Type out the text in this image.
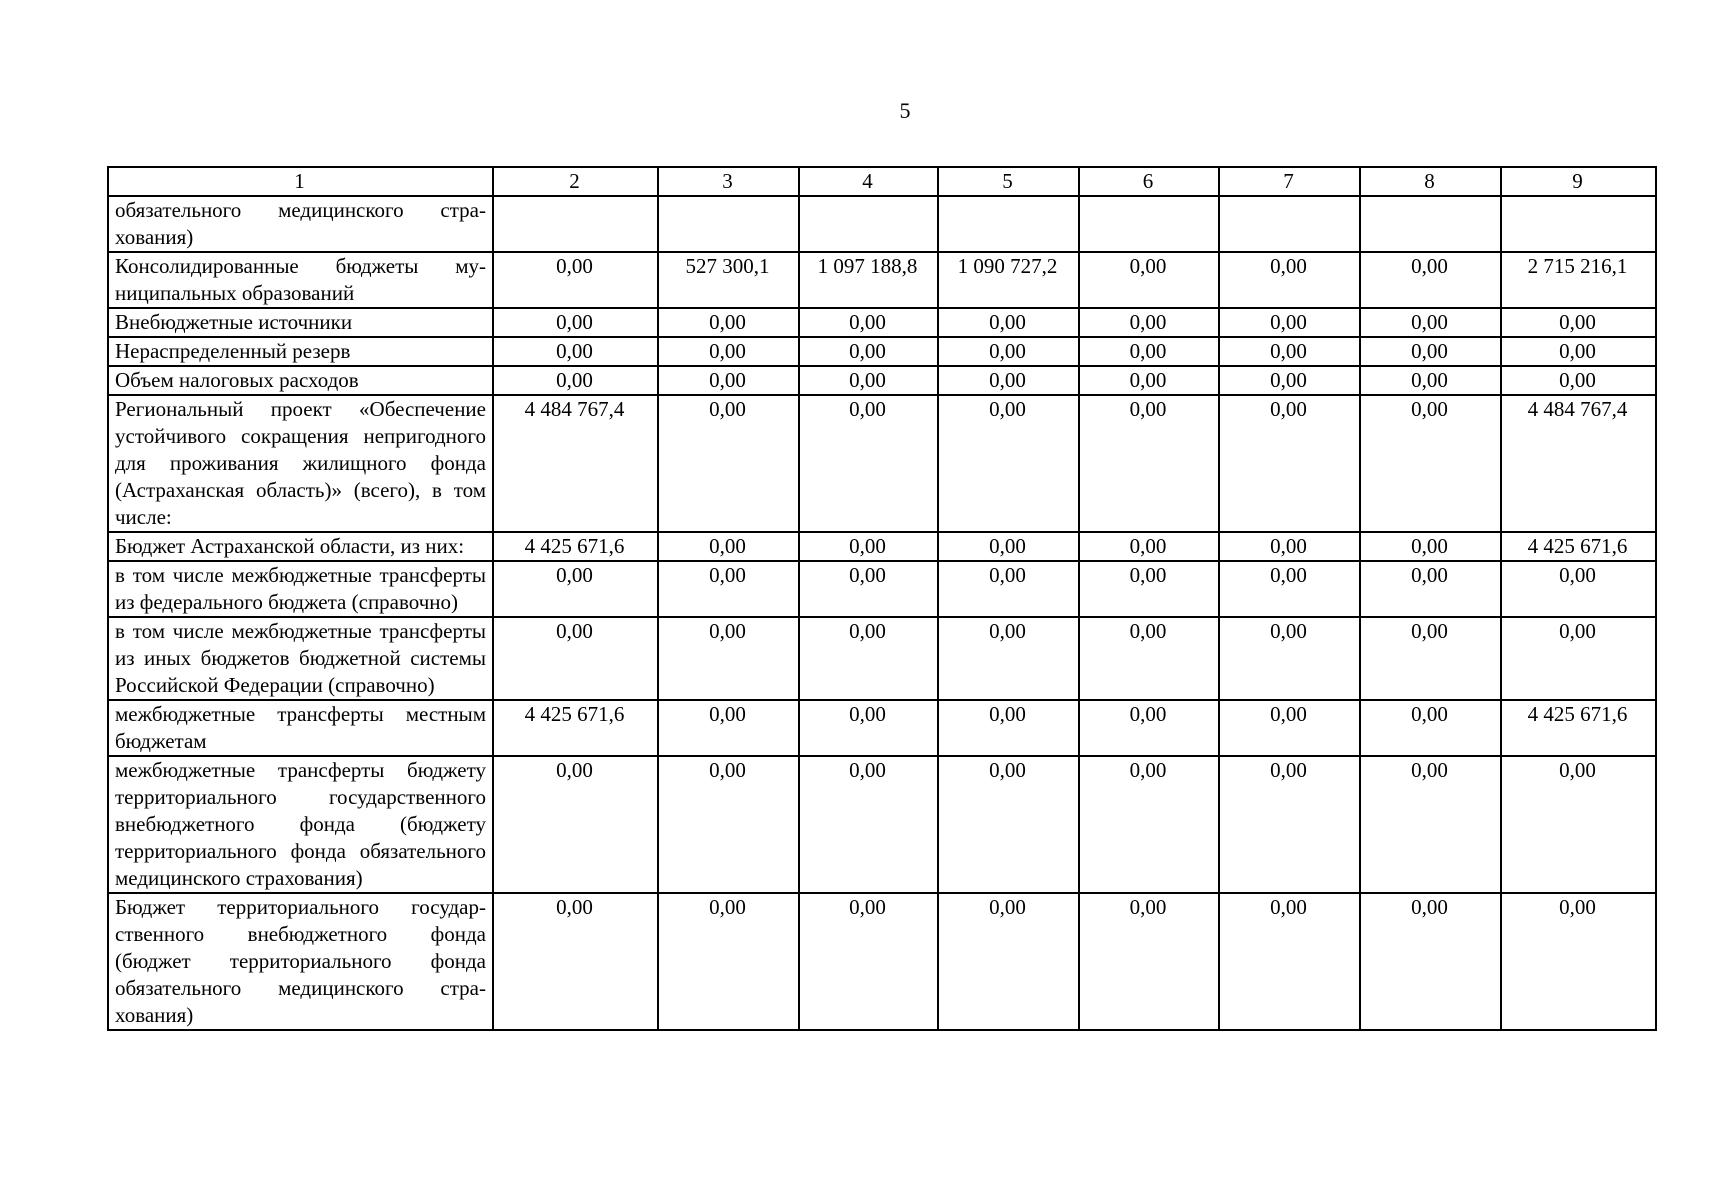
5
1	2	3	4	5	6	7	8	9
обязательного медицинского страхования)								
Консолидированные бюджеты муниципальных образований	0,00	527 300,1	1 097 188,8	1 090 727,2	0,00	0,00	0,00	2 715 216,1
Внебюджетные источники	0,00	0,00	0,00	0,00	0,00	0,00	0,00	0,00
Нераспределенный резерв	0,00	0,00	0,00	0,00	0,00	0,00	0,00	0,00
Объем налоговых расходов	0,00	0,00	0,00	0,00	0,00	0,00	0,00	0,00
Региональный проект «Обеспечение устойчивого сокращения непригодного для проживания жилищного фонда (Астраханская область)» (всего), в том числе:	4 484 767,4	0,00	0,00	0,00	0,00	0,00	0,00	4 484 767,4
Бюджет Астраханской области, из них:	4 425 671,6	0,00	0,00	0,00	0,00	0,00	0,00	4 425 671,6
в том числе межбюджетные трансферты из федерального бюджета (справочно)	0,00	0,00	0,00	0,00	0,00	0,00	0,00	0,00
в том числе межбюджетные трансферты из иных бюджетов бюджетной системы Российской Федерации (справочно)	0,00	0,00	0,00	0,00	0,00	0,00	0,00	0,00
межбюджетные трансферты местным бюджетам	4 425 671,6	0,00	0,00	0,00	0,00	0,00	0,00	4 425 671,6
межбюджетные трансферты бюджету территориального государственного внебюджетного фонда (бюджету территориального фонда обязательного медицинского страхования)	0,00	0,00	0,00	0,00	0,00	0,00	0,00	0,00
Бюджет территориального государственного внебюджетного фонда (бюджет территориального фонда обязательного медицинского страхования)	0,00	0,00	0,00	0,00	0,00	0,00	0,00	0,00
